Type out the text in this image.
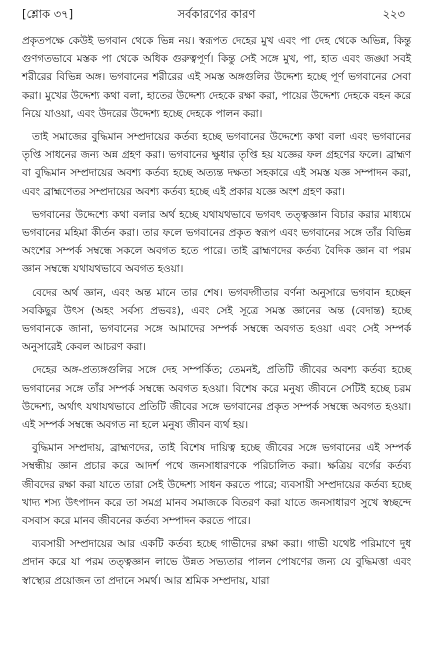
[শ্লোক ৩৭]	সর্বকারণের কারণ	২২৩

প্রকৃতপক্ষে কেউই ভগবান থেকে ভিন্ন নয়। স্বরূপত দেহের মুখ এবং পা দেহ থেকে অভিন্ন, কিন্তু গুণগতভাবে মস্তক পা থেকে অধিক গুরুত্বপূর্ণ। কিন্তু সেই সঙ্গে মুখ, পা, হাত এবং জঙ্ঘা সবই শরীরের বিভিন্ন অঙ্গ। ভগবানের শরীরের এই সমস্ত অঙ্গগুলির উদ্দেশ্য হচ্ছে পূর্ণ ভগবানের সেবা করা। মুখের উদ্দেশ্য কথা বলা, হাতের উদ্দেশ্য দেহকে রক্ষা করা, পায়ের উদ্দেশ্য দেহকে বহন করে নিয়ে যাওয়া, এবং উদরের উদ্দেশ্য হচ্ছে দেহকে পালন করা।

তাই সমাজের বুদ্ধিমান সম্প্রদায়ের কর্তব্য হচ্ছে ভগবানের উদ্দেশ্যে কথা বলা এবং ভগবানের তৃপ্তি সাধনের জন্য অন্ন গ্রহণ করা। ভগবানের ক্ষুধার তৃপ্তি হয় যজ্ঞের ফল গ্রহণের ফলে। ব্রাহ্মণ বা বুদ্ধিমান সম্প্রদায়ের অবশ্য কর্তব্য হচ্ছে অত্যন্ত দক্ষতা সহকারে এই সমস্ত যজ্ঞ সম্পাদন করা, এবং ব্রাহ্মণেতর সম্প্রদায়ের অবশ্য কর্তব্য হচ্ছে এই প্রকার যজ্ঞে অংশ গ্রহণ করা।

ভগবানের উদ্দেশ্যে কথা বলার অর্থ হচ্ছে যথাযথভাবে ভগবৎ তত্ত্বজ্ঞান বিচার করার মাধ্যমে ভগবানের মহিমা কীর্তন করা। তার ফলে ভগবানের প্রকৃত স্বরূপ এবং ভগবানের সঙ্গে তাঁর বিভিন্ন অংশের সম্পর্ক সম্বন্ধে সকলে অবগত হতে পারে। তাই ব্রাহ্মণদের কর্তব্য বৈদিক জ্ঞান বা পরম জ্ঞান সম্বন্ধে যথাযথভাবে অবগত হওয়া।

বেদের অর্থ জ্ঞান, এবং অন্ত মানে তার শেষ। ভগবদ্গীতার বর্ণনা অনুসারে ভগবান হচ্ছেন সবকিছুর উৎস (অহং সর্বস্য প্রভবঃ), এবং সেই সূত্রে সমস্ত জ্ঞানের অন্ত (বেদান্ত) হচ্ছে ভগবানকে জানা, ভগবানের সঙ্গে আমাদের সম্পর্ক সম্বন্ধে অবগত হওয়া এবং সেই সম্পর্ক অনুসারেই কেবল আচরণ করা।

দেহের অঙ্গ-প্রত্যঙ্গগুলির সঙ্গে দেহ সম্পর্কিত; তেমনই, প্রতিটি জীবের অবশ্য কর্তব্য হচ্ছে ভগবানের সঙ্গে তাঁর সম্পর্ক সম্বন্ধে অবগত হওয়া। বিশেষ করে মনুষ্য জীবনে সেটিই হচ্ছে চরম উদ্দেশ্য, অর্থাৎ যথাযথভাবে প্রতিটি জীবের সঙ্গে ভগবানের প্রকৃত সম্পর্ক সম্বন্ধে অবগত হওয়া। এই সম্পর্ক সম্বন্ধে অবগত না হলে মনুষ্য জীবন ব্যর্থ হয়।

বুদ্ধিমান সম্প্রদায়, ব্রাহ্মণদের, তাই বিশেষ দায়িত্ব হচ্ছে জীবের সঙ্গে ভগবানের এই সম্পর্ক সম্বন্ধীয় জ্ঞান প্রচার করে আদর্শ পথে জনসাধারণকে পরিচালিত করা। ক্ষত্রিয় বর্গের কর্তব্য জীবদের রক্ষা করা যাতে তারা সেই উদ্দেশ্য সাধন করতে পারে; ব্যবসায়ী সম্প্রদায়ের কর্তব্য হচ্ছে খাদ্য শস্য উৎপাদন করে তা সমগ্র মানব সমাজকে বিতরণ করা যাতে জনসাধারণ সুখে স্বচ্ছন্দে বসবাস করে মানব জীবনের কর্তব্য সম্পাদন করতে পারে।

ব্যবসায়ী সম্প্রদায়ের আর একটি কর্তব্য হচ্ছে গাভীদের রক্ষা করা। গাভী যথেষ্ট পরিমাণে দুধ প্রদান করে যা পরম তত্ত্বজ্ঞান লাভে উন্নত সভ্যতার পালন পোষণের জন্য যে বুদ্ধিমত্তা এবং স্বাস্থ্যের প্রয়োজন তা প্রদানে সমর্থ। আর শ্রমিক সম্প্রদায়, যারা
